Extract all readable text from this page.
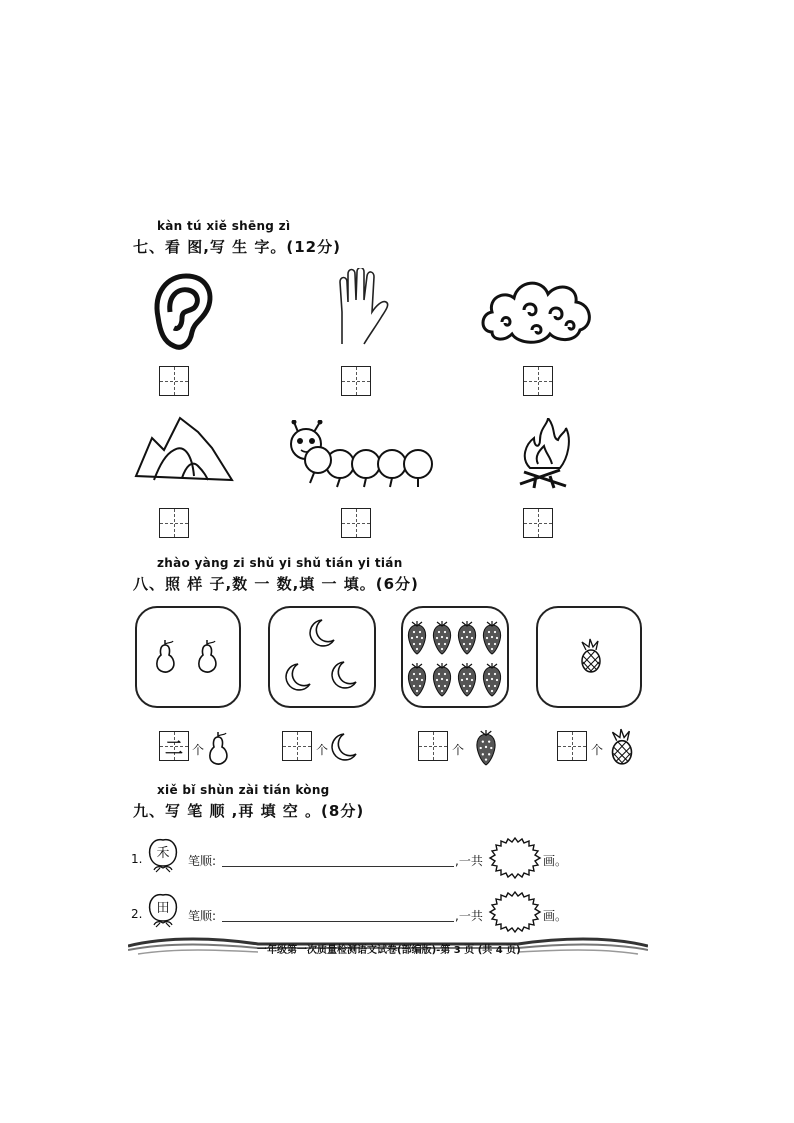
kàn tú xiě shēng zì
七、看 图,写 生 字。(12分)
zhào yàng zi shǔ yi shǔ tián yi tián
八、照 样 子,数 一 数,填 一 填。(6分)
二 个	个	个	个
xiě bǐ shùn zài tián kòng
九、写 笔 顺 ,再 填 空 。(8分)
1. 禾 笔顺:	,一共	画。
2. 田 笔顺:	,一共	画。
一年级第一次质量检测语文试卷(部编版)-第 3 页 (共 4 页)
